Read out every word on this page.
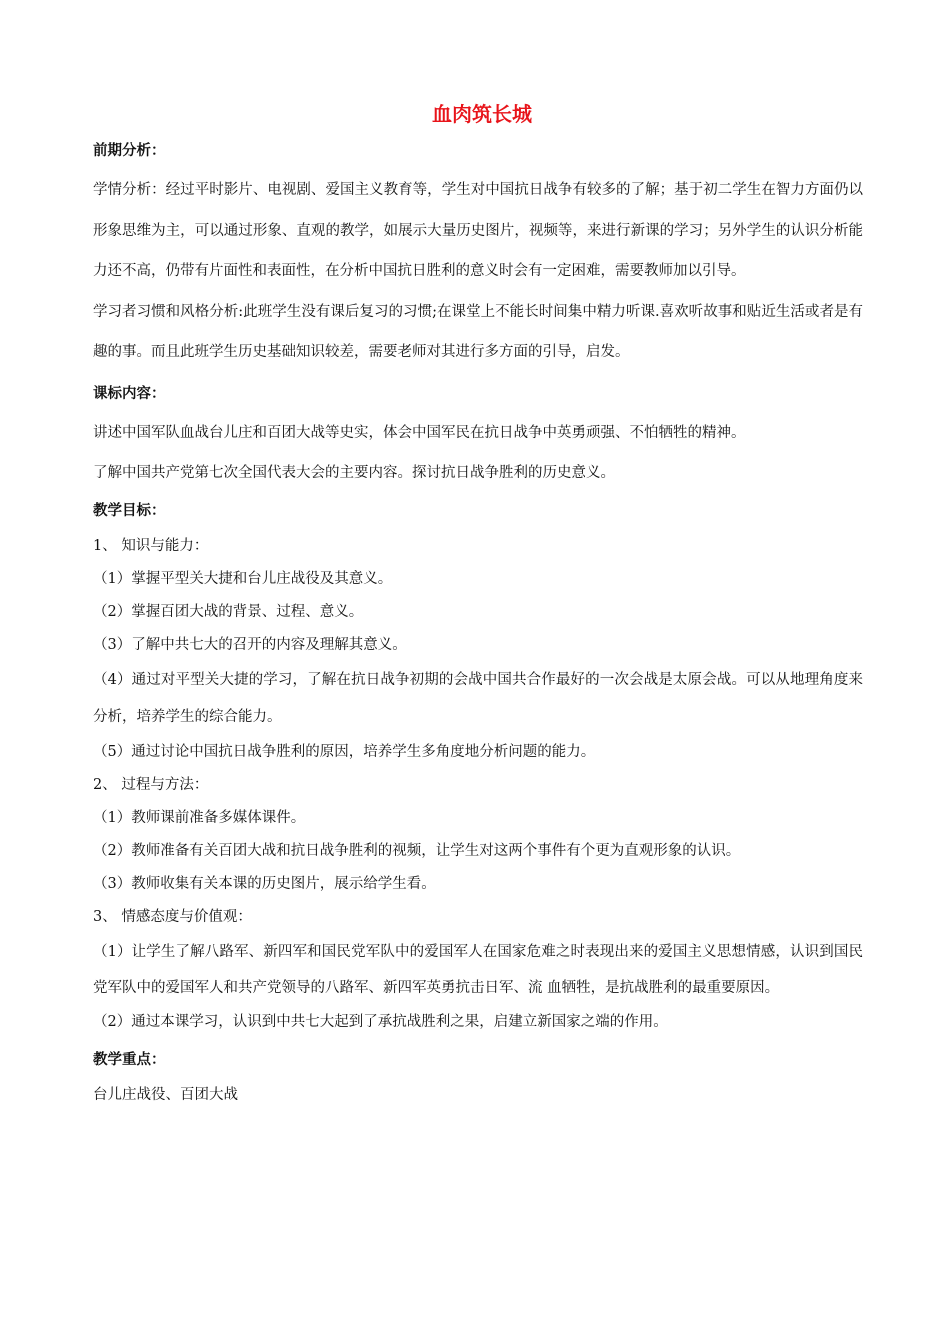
血肉筑长城
前期分析：

学情分析：经过平时影片、电视剧、爱国主义教育等，学生对中国抗日战争有较多的了解；基于初二学生在智力方面仍以形象思维为主，可以通过形象、直观的教学，如展示大量历史图片，视频等，来进行新课的学习；另外学生的认识分析能力还不高，仍带有片面性和表面性，在分析中国抗日胜利的意义时会有一定困难，需要教师加以引导。

学习者习惯和风格分析:此班学生没有课后复习的习惯;在课堂上不能长时间集中精力听课.喜欢听故事和贴近生活或者是有趣的事。而且此班学生历史基础知识较差，需要老师对其进行多方面的引导，启发。

课标内容：

讲述中国军队血战台儿庄和百团大战等史实，体会中国军民在抗日战争中英勇顽强、不怕牺牲的精神。

了解中国共产党第七次全国代表大会的主要内容。探讨抗日战争胜利的历史意义。

教学目标：

1、 知识与能力：

（1）掌握平型关大捷和台儿庄战役及其意义。

（2）掌握百团大战的背景、过程、意义。

（3）了解中共七大的召开的内容及理解其意义。

（4）通过对平型关大捷的学习，了解在抗日战争初期的会战中国共合作最好的一次会战是太原会战。可以从地理角度来分析，培养学生的综合能力。

（5）通过讨论中国抗日战争胜利的原因，培养学生多角度地分析问题的能力。

2、 过程与方法：

（1）教师课前准备多媒体课件。

（2）教师准备有关百团大战和抗日战争胜利的视频，让学生对这两个事件有个更为直观形象的认识。

（3）教师收集有关本课的历史图片，展示给学生看。

3、 情感态度与价值观：

（1）让学生了解八路军、新四军和国民党军队中的爱国军人在国家危难之时表现出来的爱国主义思想情感，认识到国民党军队中的爱国军人和共产党领导的八路军、新四军英勇抗击日军、流 血牺牲，是抗战胜利的最重要原因。

（2）通过本课学习，认识到中共七大起到了承抗战胜利之果，启建立新国家之端的作用。

教学重点：

台儿庄战役、百团大战
